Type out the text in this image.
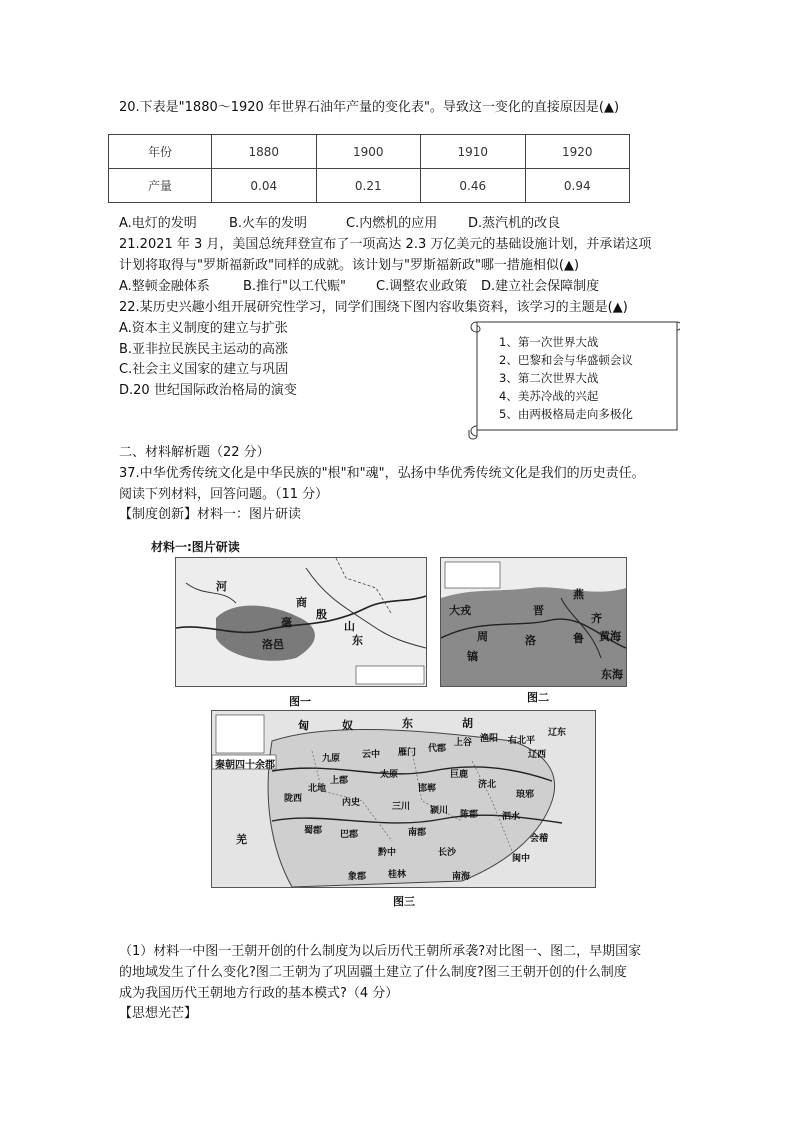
20.下表是"1880～1920 年世界石油年产量的变化表"。导致这一变化的直接原因是(▲)
年份	1880	1900	1910	1920
产量	0.04	0.21	0.46	0.94
A.电灯的发明 B.火车的发明	C.内燃机的应用 D.蒸汽机的改良
21.2021 年 3 月，美国总统拜登宣布了一项高达 2.3 万亿美元的基础设施计划，并承诺这项
计划将取得与"罗斯福新政"同样的成就。该计划与"罗斯福新政"哪一措施相似(▲)
A.整顿金融体系	B.推行"以工代赈" C.调整农业政策 D.建立社会保障制度
22.某历史兴趣小组开展研究性学习，同学们围绕下图内容收集资料，该学习的主题是(▲)
A.资本主义制度的建立与扩张
B.亚非拉民族民主运动的高涨
C.社会主义国家的建立与巩固
D.20 世纪国际政治格局的演变
1、第一次世界大战
2、巴黎和会与华盛顿会议
3、第二次世界大战
4、美苏冷战的兴起
5、由两极格局走向多极化
二、材料解析题（22 分）
37.中华优秀传统文化是中华民族的"根"和"魂"，弘扬中华优秀传统文化是我们的历史责任。
阅读下列材料，回答问题。（11 分）
【制度创新】材料一：图片研读
材料一:图片研读
商
毫	山
东
河
洛邑
殷
图一
周
镐
洛
燕
齐
鲁
晋
大戎
东海
黄海
图二
秦朝四十余郡
匈	奴	东	胡
羌
九原 云中 雁门 代郡
上谷 渔阳 右北平
辽西
辽东
上郡
太原
邯郸
巨鹿
济北
琅邪
陇西
北地
内史	三川 颍川 陈郡	泗水
会稽
巴郡
蜀郡	南郡
长沙
黔中
闽中
桂林	南海
象郡
图三
（1）材料一中图一王朝开创的什么制度为以后历代王朝所承袭?对比图一、图二，早期国家
的地域发生了什么变化?图二王朝为了巩固疆土建立了什么制度?图三王朝开创的什么制度
成为我国历代王朝地方行政的基本模式?（4 分）
【思想光芒】
